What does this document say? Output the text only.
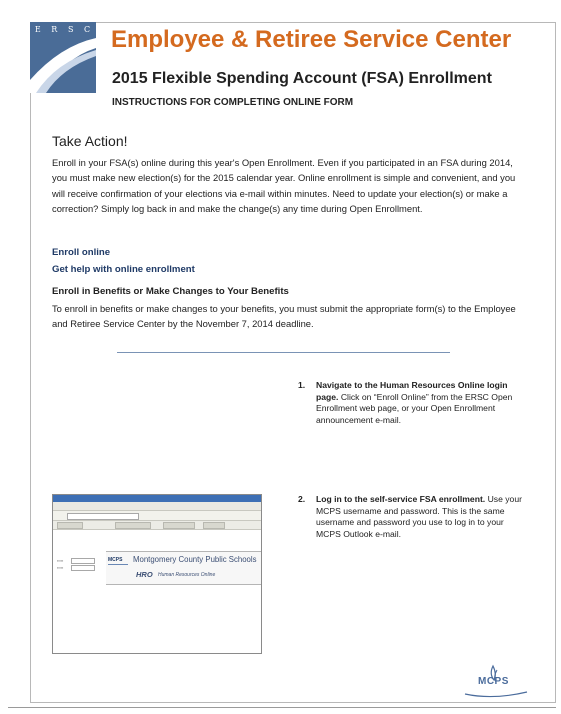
E R S C Employee & Retiree Service Center
2015 Flexible Spending Account (FSA) Enrollment
INSTRUCTIONS FOR COMPLETING ONLINE FORM
Take Action!
Enroll in your FSA(s) online during this year's Open Enrollment. Even if you participated in an FSA during 2014, you must make new election(s) for the 2015 calendar year. Online enrollment is simple and convenient, and you will receive confirmation of your elections via e-mail within minutes. Need to update your election(s) or make a correction? Simply log back in and make the change(s) any time during Open Enrollment.
Enroll online
Get help with online enrollment
Enroll in Benefits or Make Changes to Your Benefits
To enroll in benefits or make changes to your benefits, you must submit the appropriate form(s) to the Employee and Retiree Service Center by the November 7, 2014 deadline.
1. Navigate to the Human Resources Online login page. Click on “Enroll Online” from the ERSC Open Enrollment web page, or your Open Enrollment announcement e-mail.
2. Log in to the self-service FSA enrollment. Use your MCPS username and password. This is the same username and password you use to log in to your MCPS Outlook e-mail.
▪▪▪▪▪
▪▪▪▪▪
MCPS Montgomery County Public Schools
HRO Human Resources Online
MCPS
